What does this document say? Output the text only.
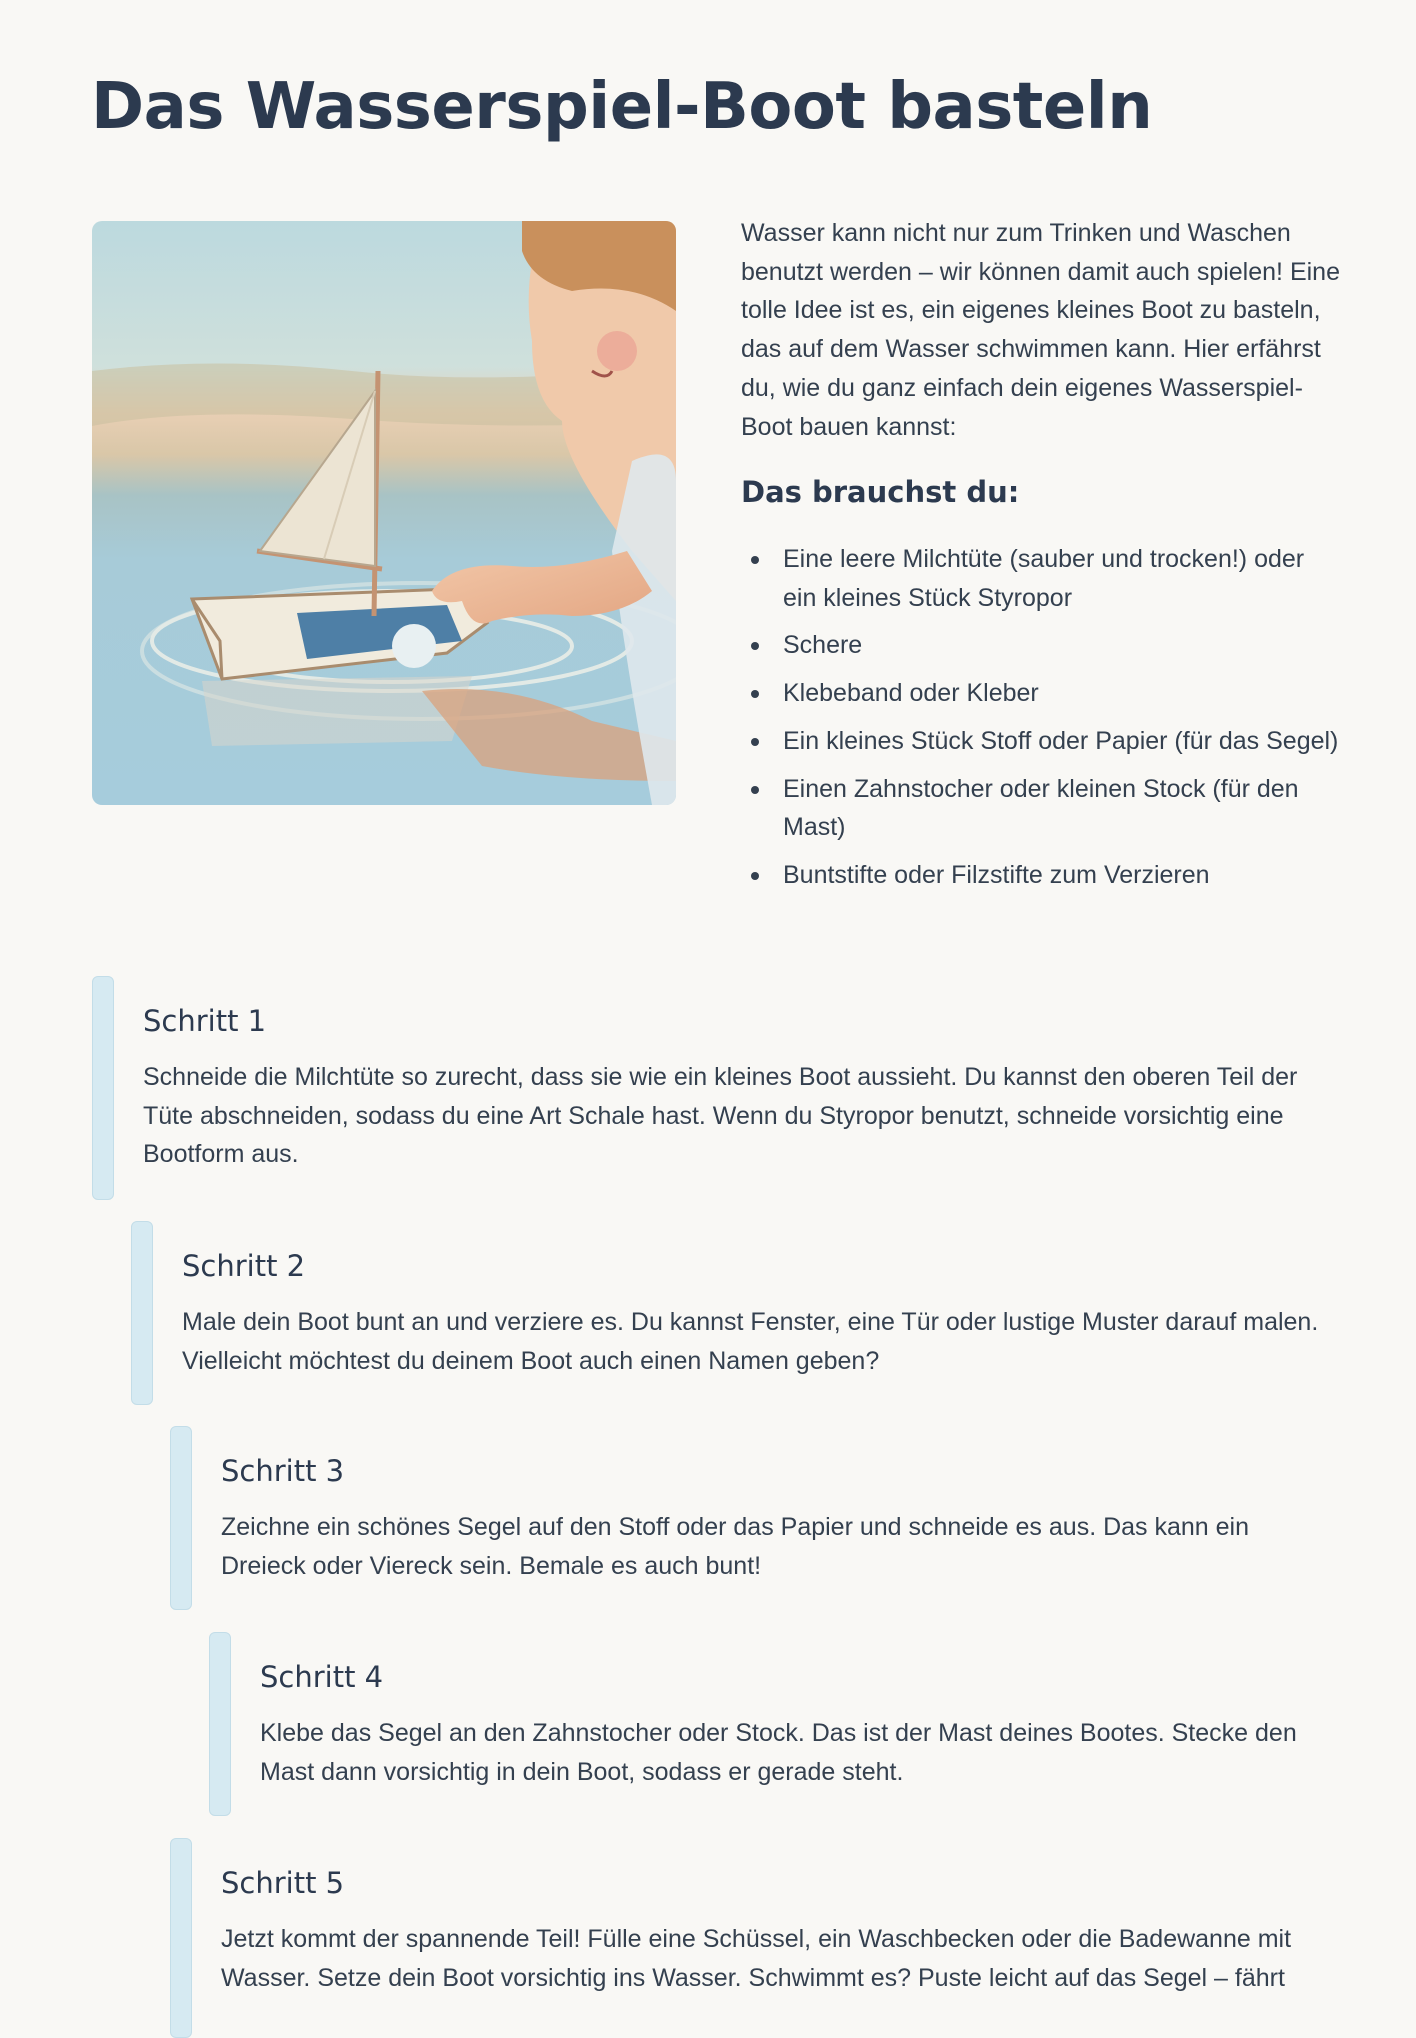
Das Wasserspiel-Boot basteln

Wasser kann nicht nur zum Trinken und Waschen benutzt werden – wir können damit auch spielen! Eine tolle Idee ist es, ein eigenes kleines Boot zu basteln, das auf dem Wasser schwimmen kann. Hier erfährst du, wie du ganz einfach dein eigenes Wasserspiel-Boot bauen kannst:

Das brauchst du:
Eine leere Milchtüte (sauber und trocken!) oder ein kleines Stück Styropor
Schere
Klebeband oder Kleber
Ein kleines Stück Stoff oder Papier (für das Segel)
Einen Zahnstocher oder kleinen Stock (für den Mast)
Buntstifte oder Filzstifte zum Verzieren
Schritt 1

Schneide die Milchtüte so zurecht, dass sie wie ein kleines Boot aussieht. Du kannst den oberen Teil der Tüte abschneiden, sodass du eine Art Schale hast. Wenn du Styropor benutzt, schneide vorsichtig eine Bootform aus.

Schritt 2

Male dein Boot bunt an und verziere es. Du kannst Fenster, eine Tür oder lustige Muster darauf malen. Vielleicht möchtest du deinem Boot auch einen Namen geben?

Schritt 3

Zeichne ein schönes Segel auf den Stoff oder das Papier und schneide es aus. Das kann ein Dreieck oder Viereck sein. Bemale es auch bunt!

Schritt 4

Klebe das Segel an den Zahnstocher oder Stock. Das ist der Mast deines Bootes. Stecke den Mast dann vorsichtig in dein Boot, sodass er gerade steht.

Schritt 5

Jetzt kommt der spannende Teil! Fülle eine Schüssel, ein Waschbecken oder die Badewanne mit Wasser. Setze dein Boot vorsichtig ins Wasser. Schwimmt es? Puste leicht auf das Segel – fährt
